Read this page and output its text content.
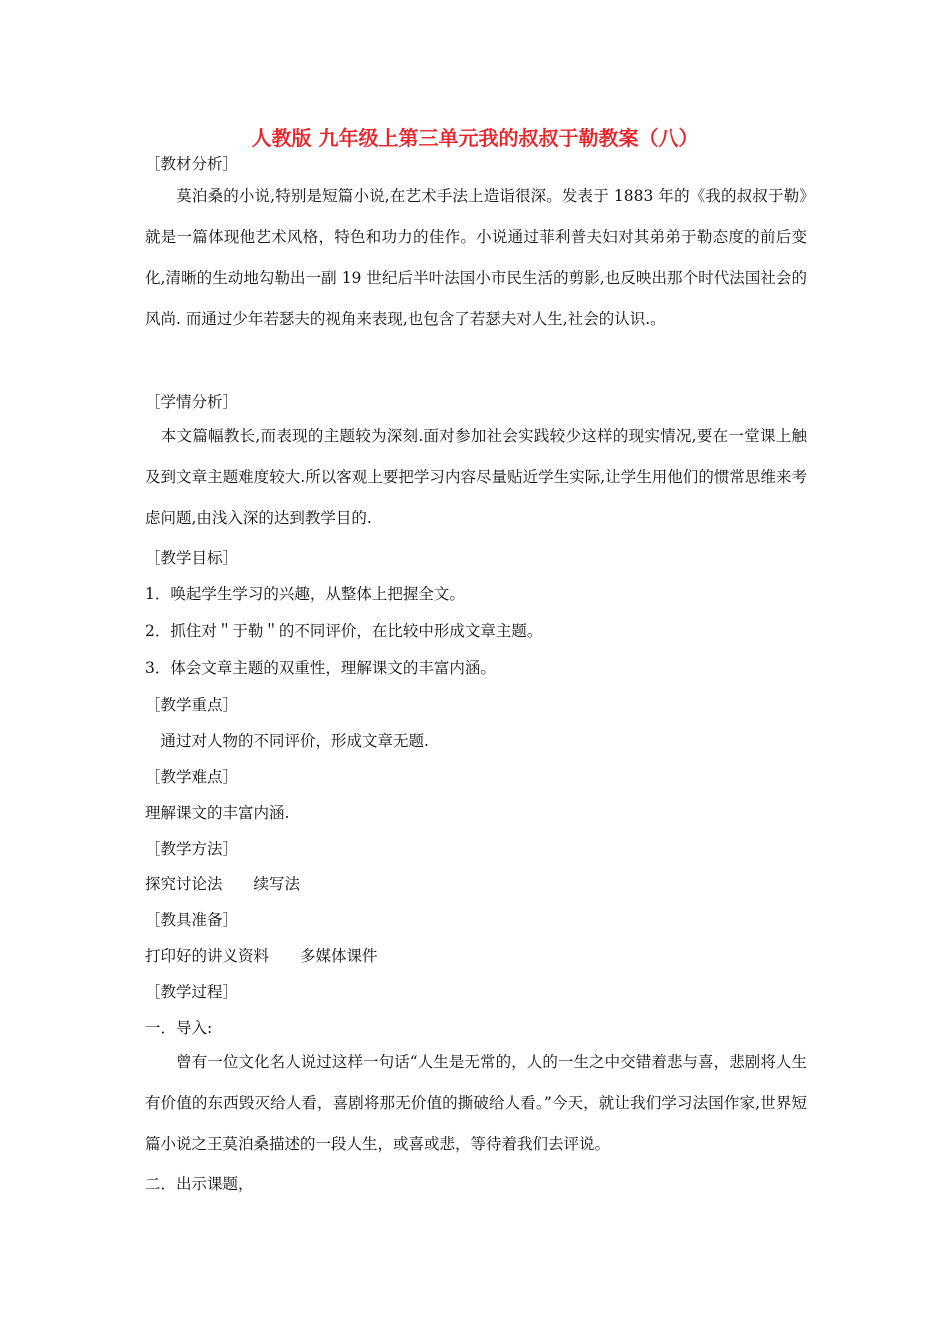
人教版 九年级上第三单元我的叔叔于勒教案（八）
［教材分析］
　　莫泊桑的小说,特别是短篇小说,在艺术手法上造诣很深。发表于 1883 年的《我的叔叔于勒》就是一篇体现他艺术风格，特色和功力的佳作。小说通过菲利普夫妇对其弟弟于勒态度的前后变化,清晰的生动地勾勒出一副 19 世纪后半叶法国小市民生活的剪影,也反映出那个时代法国社会的风尚. 而通过少年若瑟夫的视角来表现,也包含了若瑟夫对人生,社会的认识.。
［学情分析］
　本文篇幅教长,而表现的主题较为深刻.面对参加社会实践较少这样的现实情况,要在一堂课上触及到文章主题难度较大.所以客观上要把学习内容尽量贴近学生实际,让学生用他们的惯常思维来考虑问题,由浅入深的达到教学目的.
［教学目标］
1．唤起学生学习的兴趣，从整体上把握全文。
2．抓住对＂于勒＂的不同评价，在比较中形成文章主题。
3．体会文章主题的双重性，理解课文的丰富内涵。
［教学重点］
　通过对人物的不同评价，形成文章无题.
［教学难点］
理解课文的丰富内涵.
［教学方法］
探究讨论法　　续写法
［教具准备］
打印好的讲义资料　　多媒体课件
［教学过程］
一．导入:
　　曾有一位文化名人说过这样一句话“人生是无常的，人的一生之中交错着悲与喜，悲剧将人生有价值的东西毁灭给人看，喜剧将那无价值的撕破给人看。”今天，就让我们学习法国作家,世界短篇小说之王莫泊桑描述的一段人生，或喜或悲，等待着我们去评说。
二．出示课题，
